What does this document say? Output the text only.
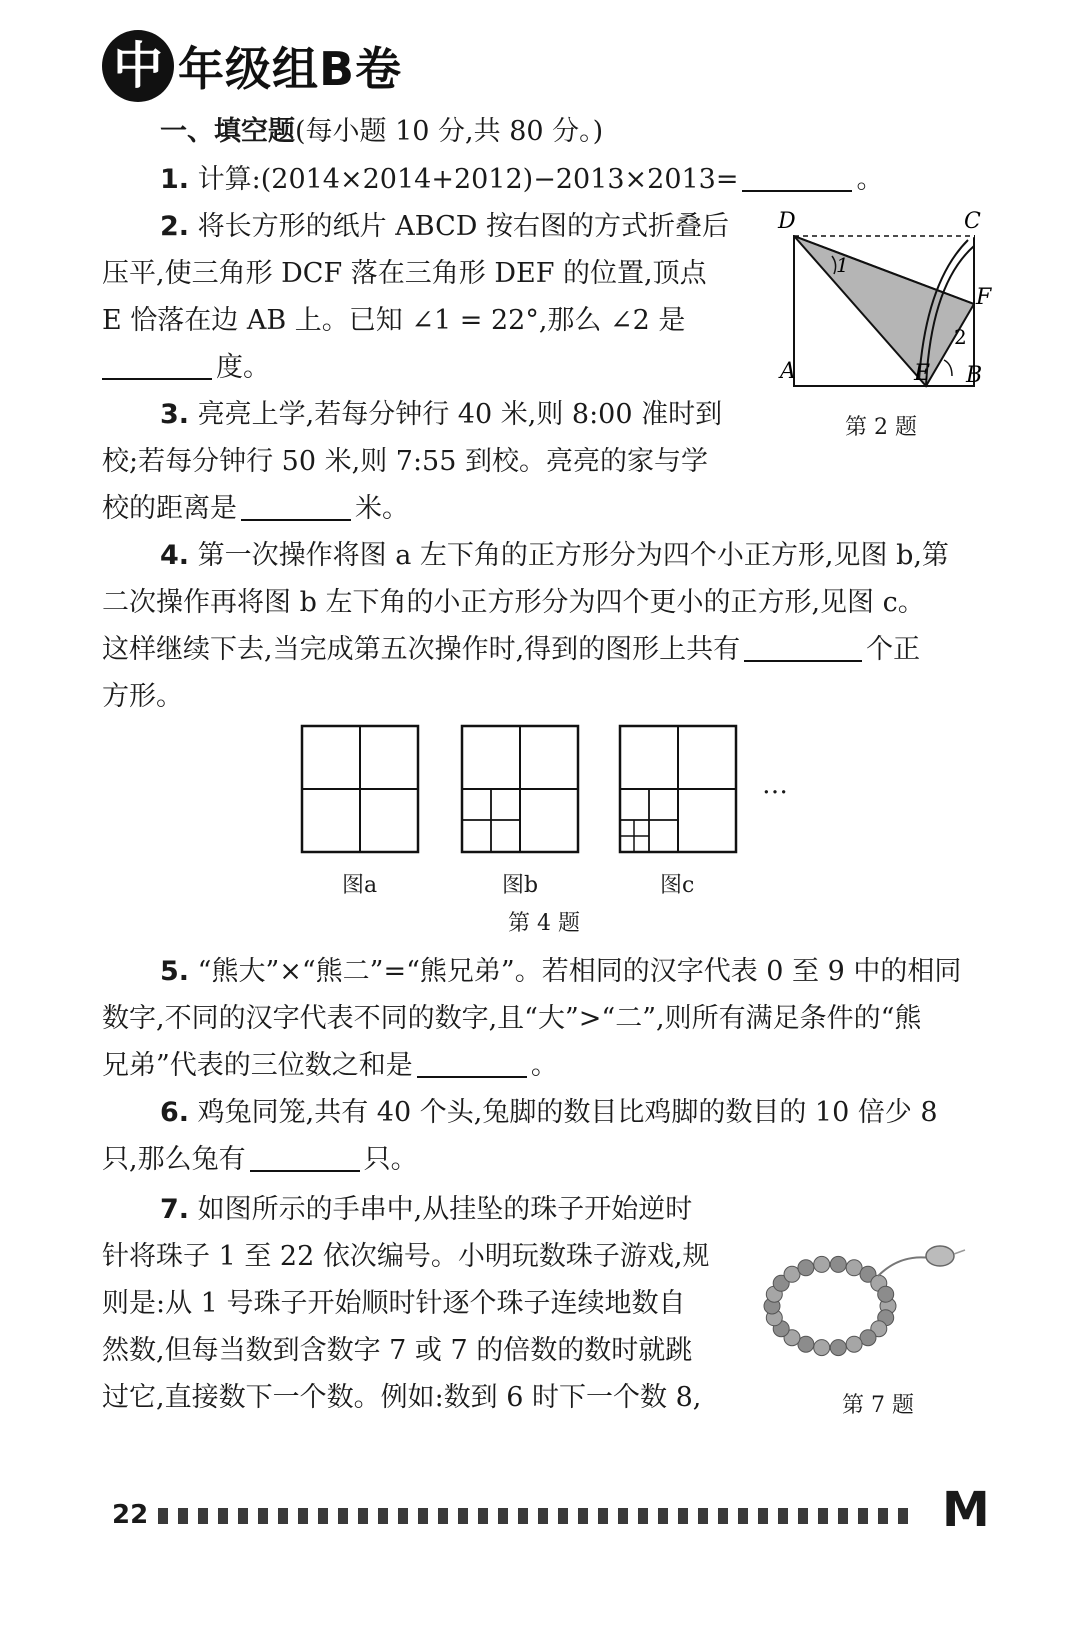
中 年级组B卷
一、填空题(每小题 10 分,共 80 分。)
1. 计算:(2014×2014+2012)−2013×2013=	。
2. 将长方形的纸片 ABCD 按右图的方式折叠后
压平,使三角形 DCF 落在三角形 DEF 的位置,顶点
E 恰落在边 AB 上。已知 ∠1 = 22°,那么 ∠2 是
度。
1
2
D	C
F
A	E B
第 2 题
3. 亮亮上学,若每分钟行 40 米,则 8:00 准时到
校;若每分钟行 50 米,则 7:55 到校。亮亮的家与学
校的距离是	米。
4. 第一次操作将图 a 左下角的正方形分为四个小正方形,见图 b,第
二次操作再将图 b 左下角的小正方形分为四个更小的正方形,见图 c。
这样继续下去,当完成第五次操作时,得到的图形上共有	个正
方形。
…
图a	图b	图c
第 4 题
5. “熊大”×“熊二”=“熊兄弟”。若相同的汉字代表 0 至 9 中的相同
数字,不同的汉字代表不同的数字,且“大”>“二”,则所有满足条件的“熊
兄弟”代表的三位数之和是	。
6. 鸡兔同笼,共有 40 个头,兔脚的数目比鸡脚的数目的 10 倍少 8
只,那么兔有	只。
7. 如图所示的手串中,从挂坠的珠子开始逆时
针将珠子 1 至 22 依次编号。小明玩数珠子游戏,规
则是:从 1 号珠子开始顺时针逐个珠子连续地数自
然数,但每当数到含数字 7 或 7 的倍数的数时就跳
过它,直接数下一个数。例如:数到 6 时下一个数 8,	第 7 题
22	M
